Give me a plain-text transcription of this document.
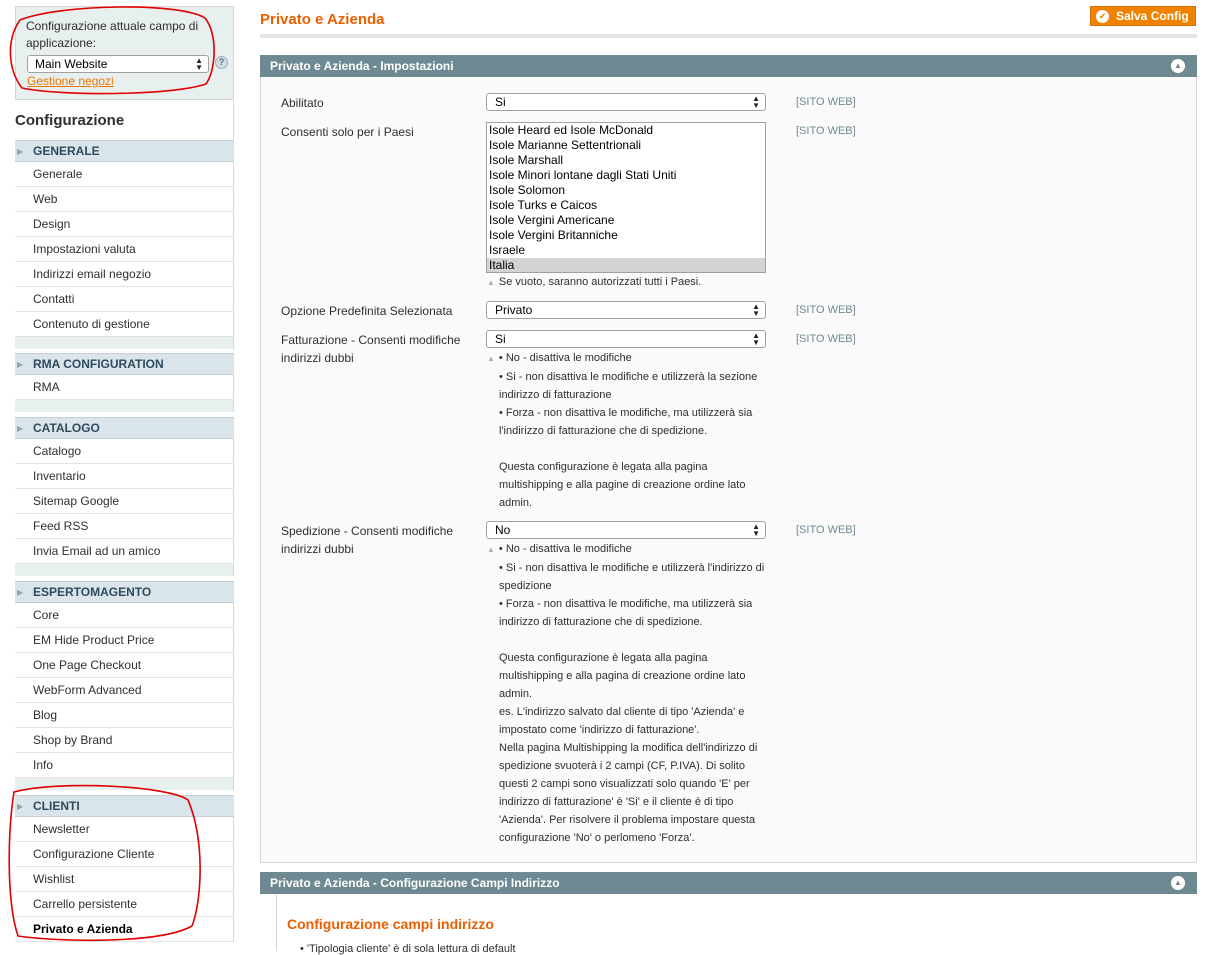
Configurazione attuale campo di applicazione:
Main Website	▲
▼
?
Gestione negozi
Configurazione
▶ GENERALE
Generale
Web
Design
Impostazioni valuta
Indirizzi email negozio
Contatti
Contenuto di gestione
▶ RMA CONFIGURATION
RMA
▶ CATALOGO
Catalogo
Inventario
Sitemap Google
Feed RSS
Invia Email ad un amico
▶ ESPERTOMAGENTO
Core
EM Hide Product Price
One Page Checkout
WebForm Advanced
Blog
Shop by Brand
Info
▶ CLIENTI
Newsletter
Configurazione Cliente
Wishlist
Carrello persistente
Privato e Azienda
Privato e Azienda	✔ Salva Config
Privato e Azienda - Impostazioni	▲
Abilitato	Si	▲
▼	[SITO WEB]
Consenti solo per i Paesi	Isole Heard ed Isole McDonald
Isole Marianne Settentrionali
Isole Marshall
Isole Minori lontane dagli Stati Uniti
Isole Solomon
Isole Turks e Caicos
Isole Vergini Americane
Isole Vergini Britanniche
Israele
Italia
[SITO WEB]
▲ Se vuoto, saranno autorizzati tutti i Paesi.
Opzione Predefinita Selezionata	Privato	▲
▼	[SITO WEB]
Fatturazione - Consenti modifiche
indirizzi dubbi
Si	▲
▼	[SITO WEB]
▲ • No - disattiva le modifiche
• Si - non disattiva le modifiche e utilizzerà la sezione
indirizzo di fatturazione
• Forza - non disattiva le modifiche, ma utilizzerà sia
l'indirizzo di fatturazione che di spedizione.

Questa configurazione è legata alla pagina
multishipping e alla pagine di creazione ordine lato
admin.
Spedizione - Consenti modifiche
indirizzi dubbi
No	▲
▼	[SITO WEB]
▲ • No - disattiva le modifiche
• Si - non disattiva le modifiche e utilizzerà l'indirizzo di
spedizione
• Forza - non disattiva le modifiche, ma utilizzerà sia
indirizzo di fatturazione che di spedizione.

Questa configurazione è legata alla pagina
multishipping e alla pagina di creazione ordine lato
admin.
es. L'indirizzo salvato dal cliente di tipo 'Azienda' e
impostato come 'indirizzo di fatturazione'.
Nella pagina Multishipping la modifica dell'indirizzo di
spedizione svuoterà i 2 campi (CF, P.IVA). Di solito
questi 2 campi sono visualizzati solo quando 'E' per
indirizzo di fatturazione' è 'Si' e il cliente è di tipo
'Azienda'. Per risolvere il problema impostare questa
configurazione 'No' o perlomeno 'Forza'.
Privato e Azienda - Configurazione Campi Indirizzo	▲
Configurazione campi indirizzo
• 'Tipologia cliente' è di sola lettura di default
